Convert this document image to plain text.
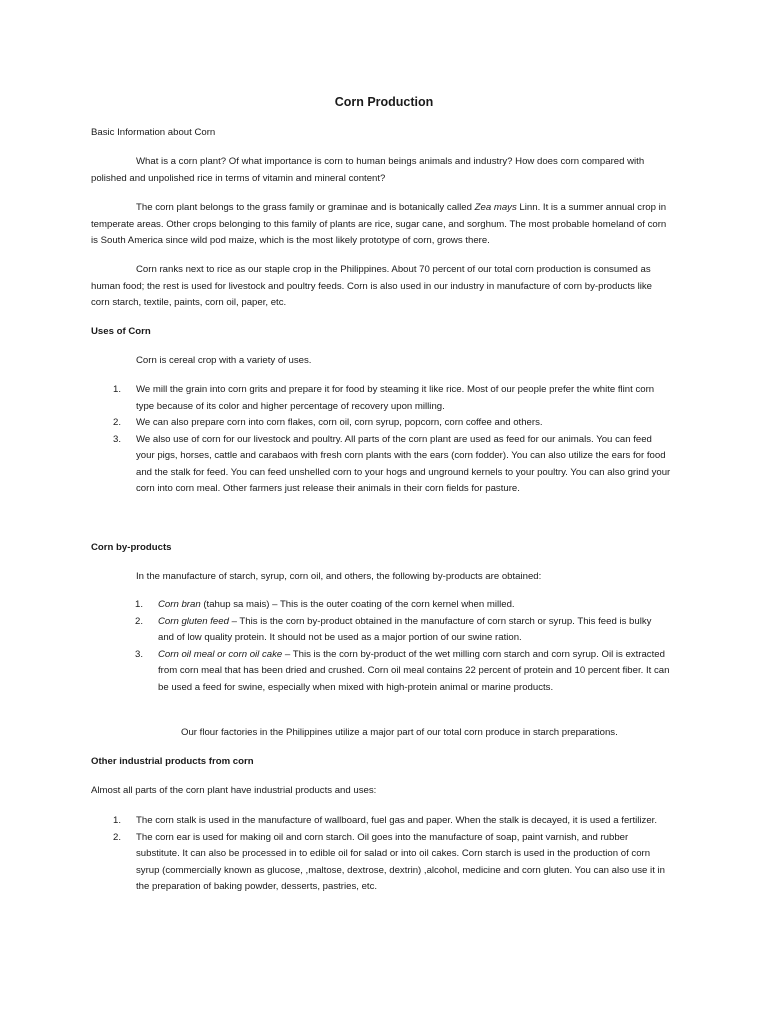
Corn Production

Basic Information about Corn

What is a corn plant? Of what importance is corn to human beings animals and industry? How does corn compared with polished and unpolished rice in terms of vitamin and mineral content?

The corn plant belongs to the grass family or graminae and is botanically called Zea mays Linn. It is a summer annual crop in temperate areas. Other crops belonging to this family of plants are rice, sugar cane, and sorghum. The most probable homeland of corn is South America since wild pod maize, which is the most likely prototype of corn, grows there.

Corn ranks next to rice as our staple crop in the Philippines. About 70 percent of our total corn production is consumed as human food; the rest is used for livestock and poultry feeds. Corn is also used in our industry in manufacture of corn by-products like corn starch, textile, paints, corn oil, paper, etc.

Uses of Corn

Corn is cereal crop with a variety of uses.

1. We mill the grain into corn grits and prepare it for food by steaming it like rice. Most of our people prefer the white flint corn type because of its color and higher percentage of recovery upon milling.
2. We can also prepare corn into corn flakes, corn oil, corn syrup, popcorn, corn coffee and others.
3. We also use of corn for our livestock and poultry. All parts of the corn plant are used as feed for our animals. You can feed your pigs, horses, cattle and carabaos with fresh corn plants with the ears (corn fodder). You can also utilize the ears for food and the stalk for feed. You can feed unshelled corn to your hogs and unground kernels to your poultry. You can also grind your corn into corn meal. Other farmers just release their animals in their corn fields for pasture.

Corn by-products

In the manufacture of starch, syrup, corn oil, and others, the following by-products are obtained:

1. Corn bran (tahup sa mais) – This is the outer coating of the corn kernel when milled.
2. Corn gluten feed – This is the corn by-product obtained in the manufacture of corn starch or syrup. This feed is bulky and of low quality protein. It should not be used as a major portion of our swine ration.
3. Corn oil meal or corn oil cake – This is the corn by-product of the wet milling corn starch and corn syrup. Oil is extracted from corn meal that has been dried and crushed. Corn oil meal contains 22 percent of protein and 10 percent fiber. It can be used a feed for swine, especially when mixed with high-protein animal or marine products.

Our flour factories in the Philippines utilize a major part of our total corn produce in starch preparations.

Other industrial products from corn

Almost all parts of the corn plant have industrial products and uses:

1. The corn stalk is used in the manufacture of wallboard, fuel gas and paper. When the stalk is decayed, it is used a fertilizer.
2. The corn ear is used for making oil and corn starch. Oil goes into the manufacture of soap, paint varnish, and rubber substitute. It can also be processed in to edible oil for salad or into oil cakes. Corn starch is used in the production of corn syrup (commercially known as glucose, ,maltose, dextrose, dextrin) ,alcohol, medicine and corn gluten. You can also use it in the preparation of baking powder, desserts, pastries, etc.
